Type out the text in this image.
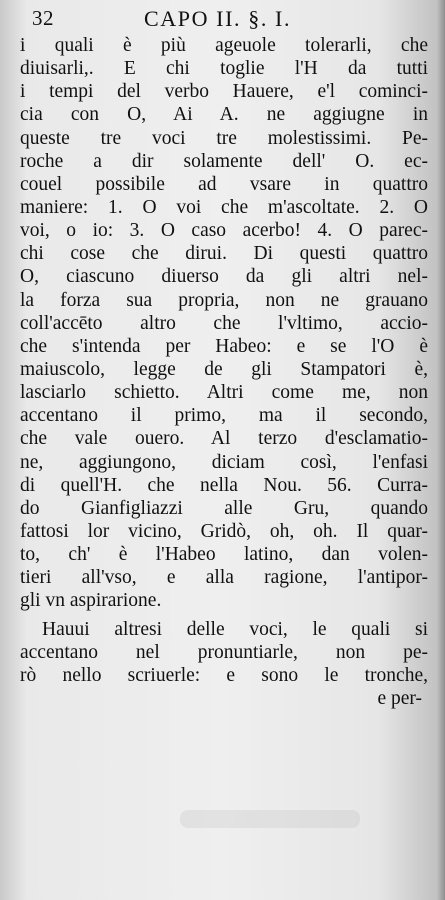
32	CAPO II. §. I.
i quali è più ageuole tolerarli, che
diuisarli,. E chi toglie l'H da tutti
i tempi del verbo Hauere, e'l cominci-
cia con O, Ai A. ne aggiugne in
queste tre voci tre molestissimi. Pe-
roche a dir solamente dell' O. ec-
couel possibile ad vsare in quattro
maniere: 1. O voi che m'ascoltate. 2. O
voi, o io: 3. O caso acerbo! 4. O parec-
chi cose che dirui. Di questi quattro
O, ciascuno diuerso da gli altri nel-
la forza sua propria, non ne grauano
coll'accēto altro che l'vltimo, accio-
che s'intenda per Habeo: e se l'O è
maiuscolo, legge de gli Stampatori è,
lasciarlo schietto. Altri come me, non
accentano il primo, ma il secondo,
che vale ouero. Al terzo d'esclamatio-
ne, aggiungono, diciam così, l'enfasi
di quell'H. che nella Nou. 56. Curra-
do Gianfigliazzi alle Gru, quando
fattosi lor vicino, Gridò, oh, oh. Il quar-
to, ch' è l'Habeo latino, dan volen-
tieri all'vso, e alla ragione, l'antipor-
gli vn aspirarione.
Hauui altresi delle voci, le quali si
accentano nel pronuntiarle, non pe-
rò nello scriuerle: e sono le tronche,
e per-
